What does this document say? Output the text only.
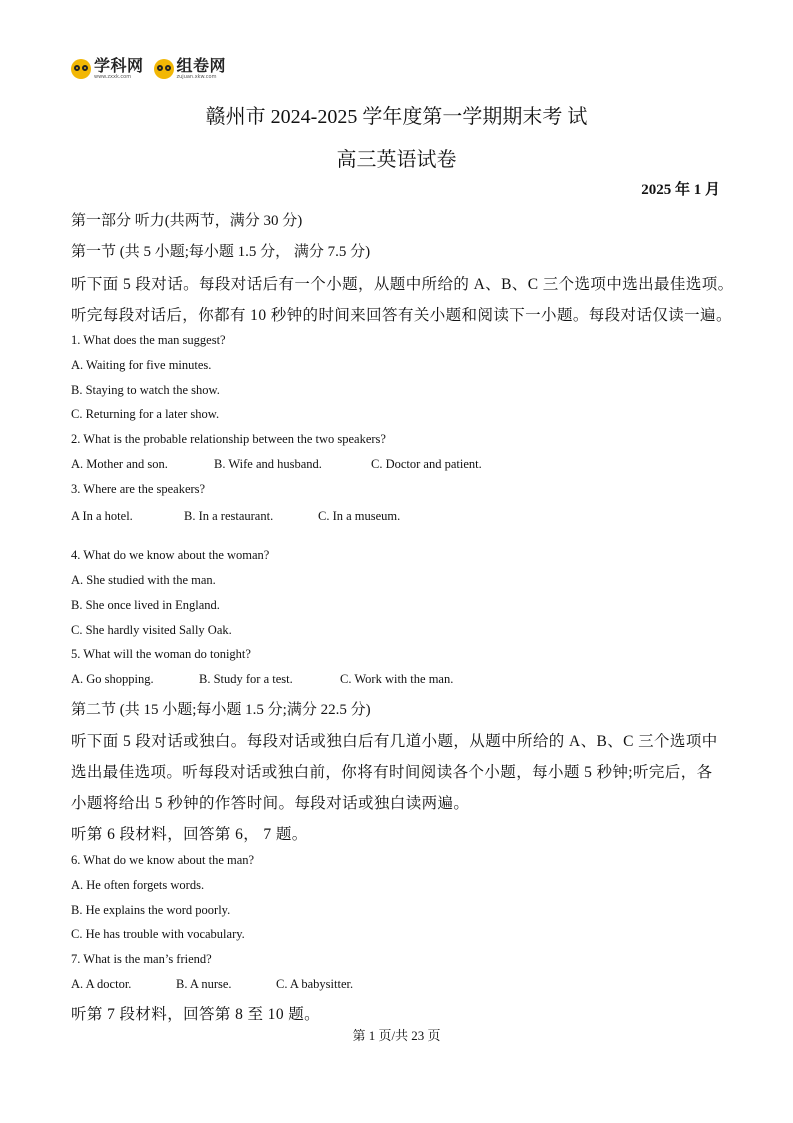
学科网
www.zxxk.com
组卷网
zujuan.xkw.com
赣州市 2024-2025 学年度第一学期期末考 试
高三英语试卷
2025 年 1 月
第一部分 听力(共两节，满分 30 分)
第一节 (共 5 小题;每小题 1.5 分， 满分 7.5 分)
听下面 5 段对话。每段对话后有一个小题，从题中所给的 A、B、C 三个选项中选出最佳选项。
听完每段对话后，你都有 10 秒钟的时间来回答有关小题和阅读下一小题。每段对话仅读一遍。
1. What does the man suggest?
A. Waiting for five minutes.
B. Staying to watch the show.
C. Returning for a later show.
2. What is the probable relationship between the two speakers?
A. Mother and son.	B. Wife and husband.	C. Doctor and patient.
3. Where are the speakers?
A In a hotel.	B. In a restaurant.	C. In a museum.
4. What do we know about the woman?
A. She studied with the man.
B. She once lived in England.
C. She hardly visited Sally Oak.
5. What will the woman do tonight?
A. Go shopping.	B. Study for a test.	C. Work with the man.
第二节 (共 15 小题;每小题 1.5 分;满分 22.5 分)
听下面 5 段对话或独白。每段对话或独白后有几道小题，从题中所给的 A、B、C 三个选项中
选出最佳选项。听每段对话或独白前，你将有时间阅读各个小题，每小题 5 秒钟;听完后，各
小题将给出 5 秒钟的作答时间。每段对话或独白读两遍。
听第 6 段材料，回答第 6， 7 题。
6. What do we know about the man?
A. He often forgets words.
B. He explains the word poorly.
C. He has trouble with vocabulary.
7. What is the man’s friend?
A. A doctor.	B. A nurse.	C. A babysitter.
听第 7 段材料，回答第 8 至 10 题。
第 1 页/共 23 页
